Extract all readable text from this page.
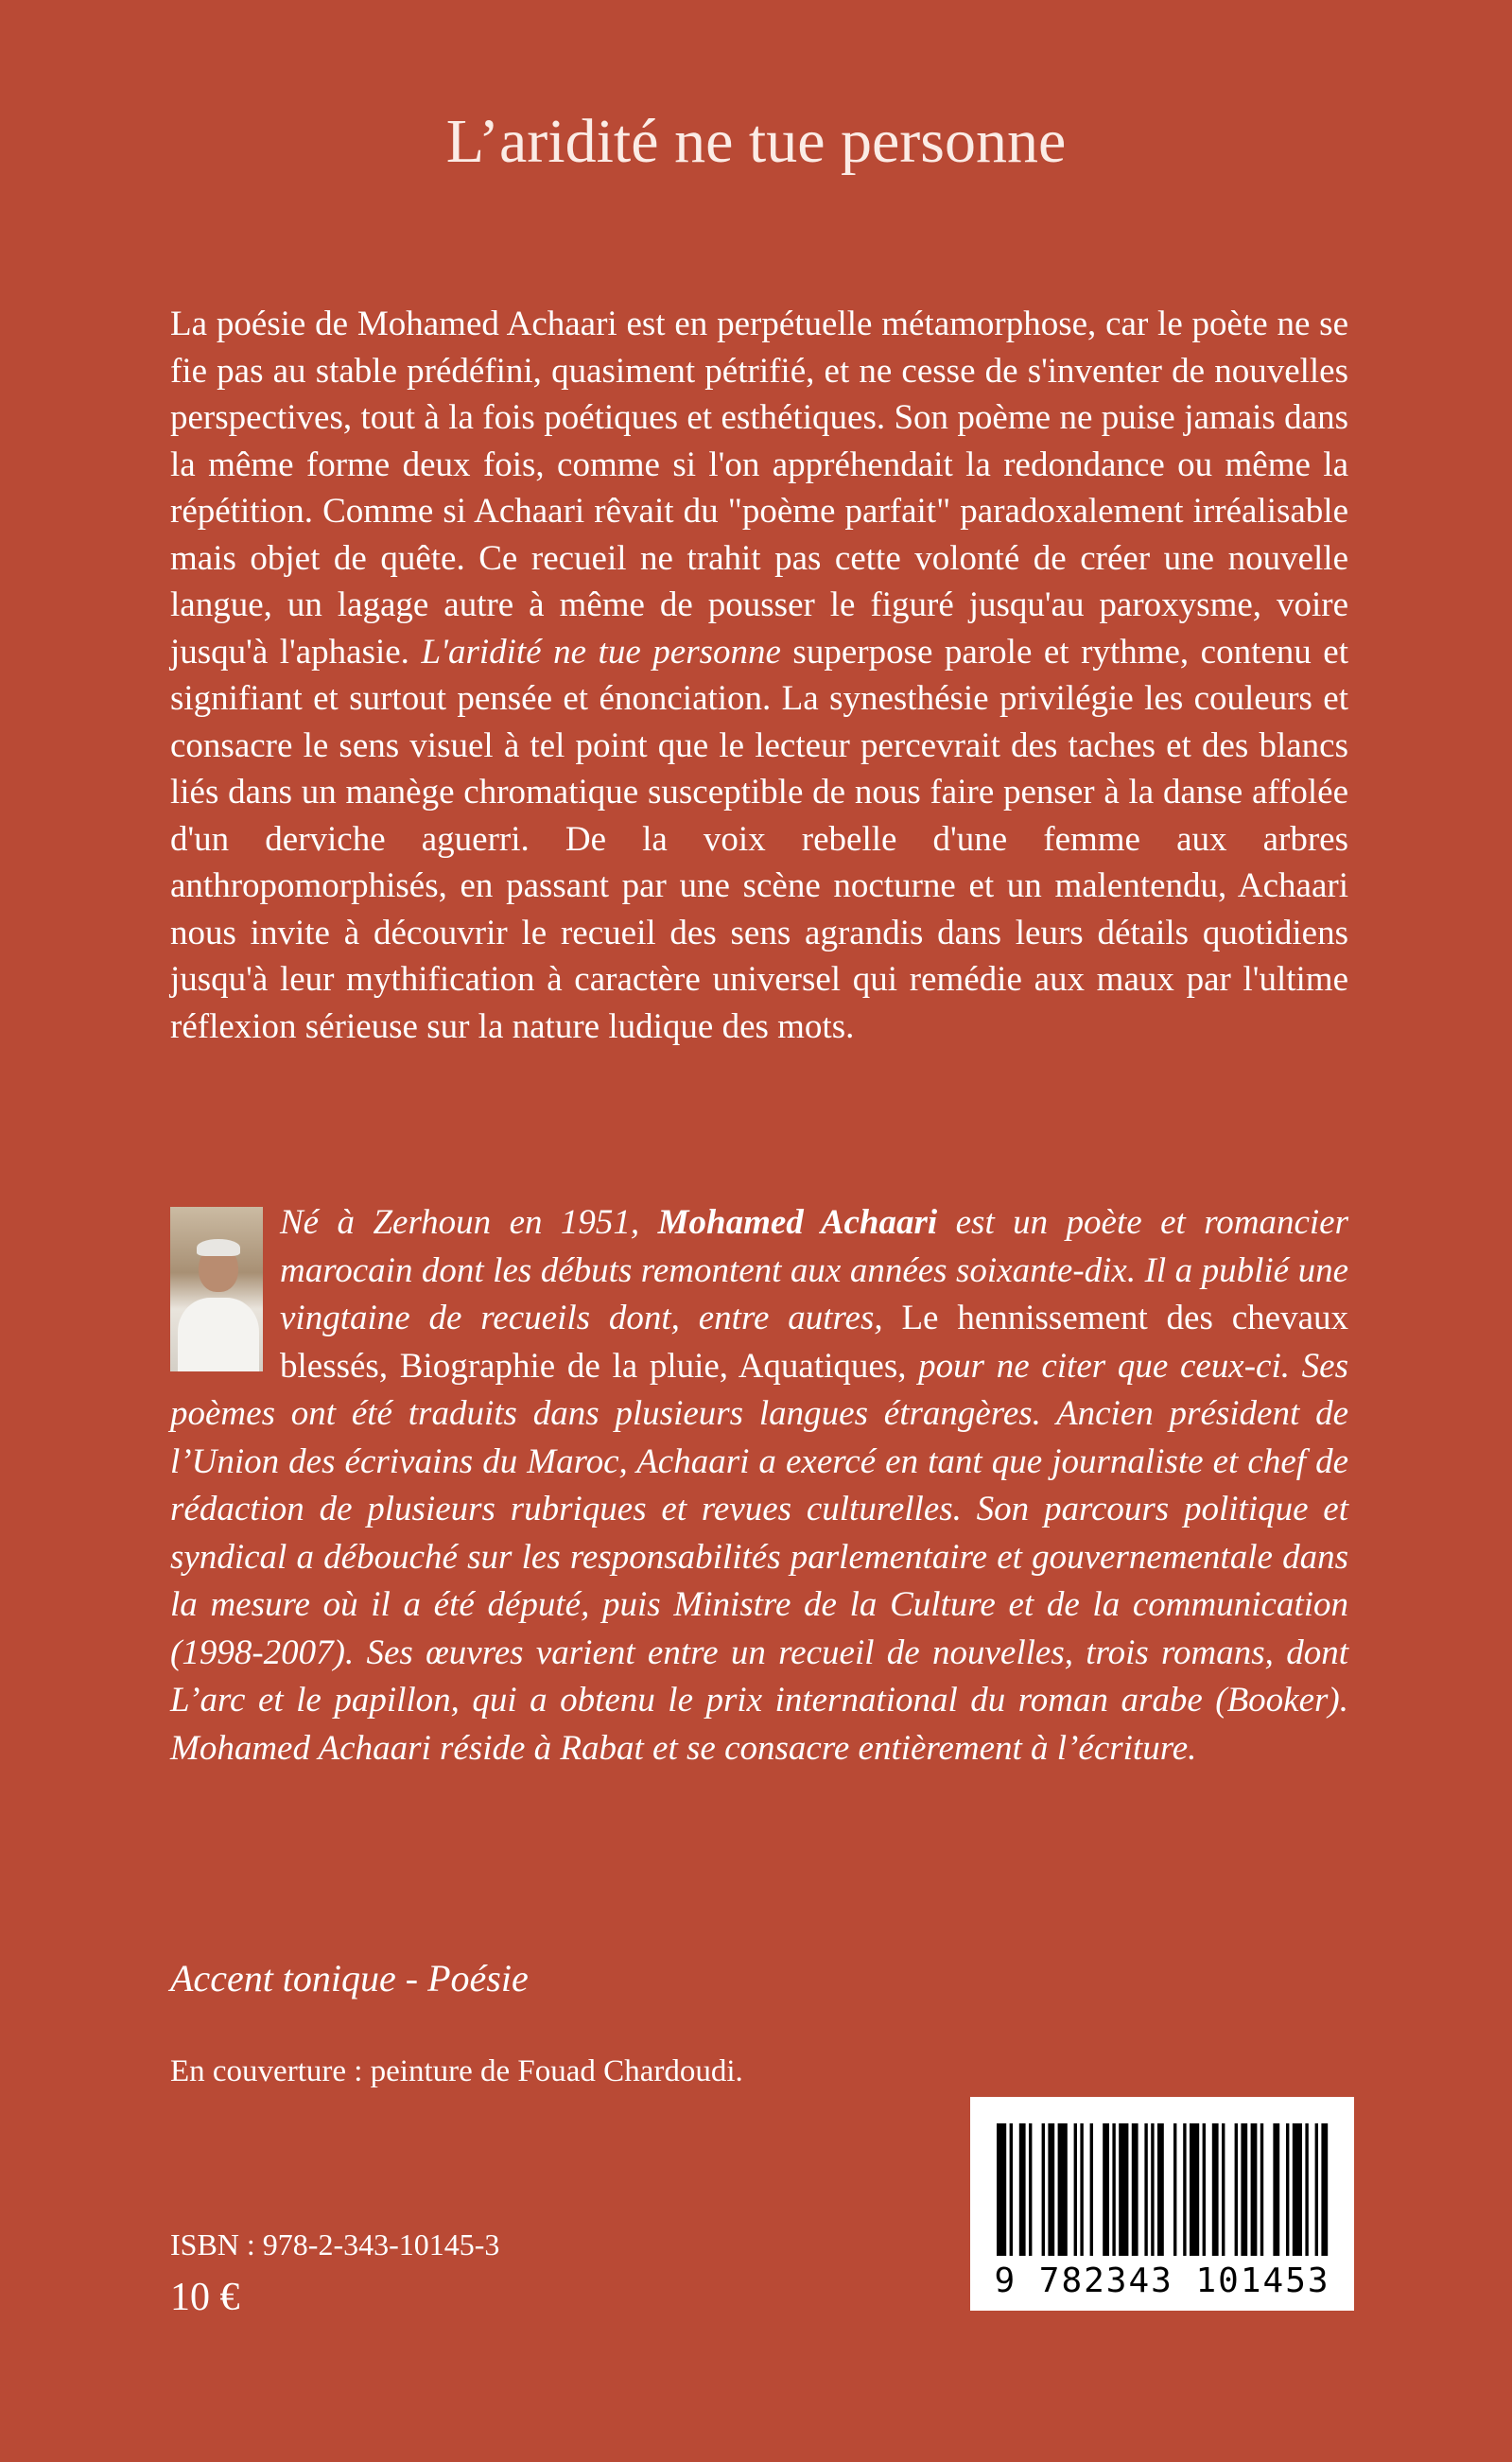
L’aridité ne tue personne
La poésie de Mohamed Achaari est en perpétuelle métamorphose, car le poète ne se fie pas au stable prédéfini, quasiment pétrifié, et ne cesse de s'inventer de nouvelles perspectives, tout à la fois poétiques et esthétiques. Son poème ne puise jamais dans la même forme deux fois, comme si l'on appréhendait la redondance ou même la répétition. Comme si Achaari rêvait du "poème parfait" paradoxalement irréalisable mais objet de quête. Ce recueil ne trahit pas cette volonté de créer une nouvelle langue, un lagage autre à même de pousser le figuré jusqu'au paroxysme, voire jusqu'à l'aphasie. L'aridité ne tue personne superpose parole et rythme, contenu et signifiant et surtout pensée et énonciation. La synesthésie privilégie les couleurs et consacre le sens visuel à tel point que le lecteur percevrait des taches et des blancs liés dans un manège chromatique susceptible de nous faire penser à la danse affolée d'un derviche aguerri. De la voix rebelle d'une femme aux arbres anthropomorphisés, en passant par une scène nocturne et un malentendu, Achaari nous invite à découvrir le recueil des sens agrandis dans leurs détails quotidiens jusqu'à leur mythification à caractère universel qui remédie aux maux par l'ultime réflexion sérieuse sur la nature ludique des mots.
Né à Zerhoun en 1951, Mohamed Achaari est un poète et romancier marocain dont les débuts remontent aux années soixante-dix. Il a publié une vingtaine de recueils dont, entre autres, Le hennissement des chevaux blessés, Biographie de la pluie, Aquatiques, pour ne citer que ceux-ci. Ses poèmes ont été traduits dans plusieurs langues étrangères. Ancien président de l’Union des écrivains du Maroc, Achaari a exercé en tant que journaliste et chef de rédaction de plusieurs rubriques et revues culturelles. Son parcours politique et syndical a débouché sur les responsabilités parlementaire et gouvernementale dans la mesure où il a été député, puis Ministre de la Culture et de la communication (1998-2007). Ses œuvres varient entre un recueil de nouvelles, trois romans, dont L’arc et le papillon, qui a obtenu le prix international du roman arabe (Booker). Mohamed Achaari réside à Rabat et se consacre entièrement à l’écriture.
Accent tonique - Poésie
En couverture : peinture de Fouad Chardoudi.
ISBN : 978-2-343-10145-3
10 €	9 782343 101453
